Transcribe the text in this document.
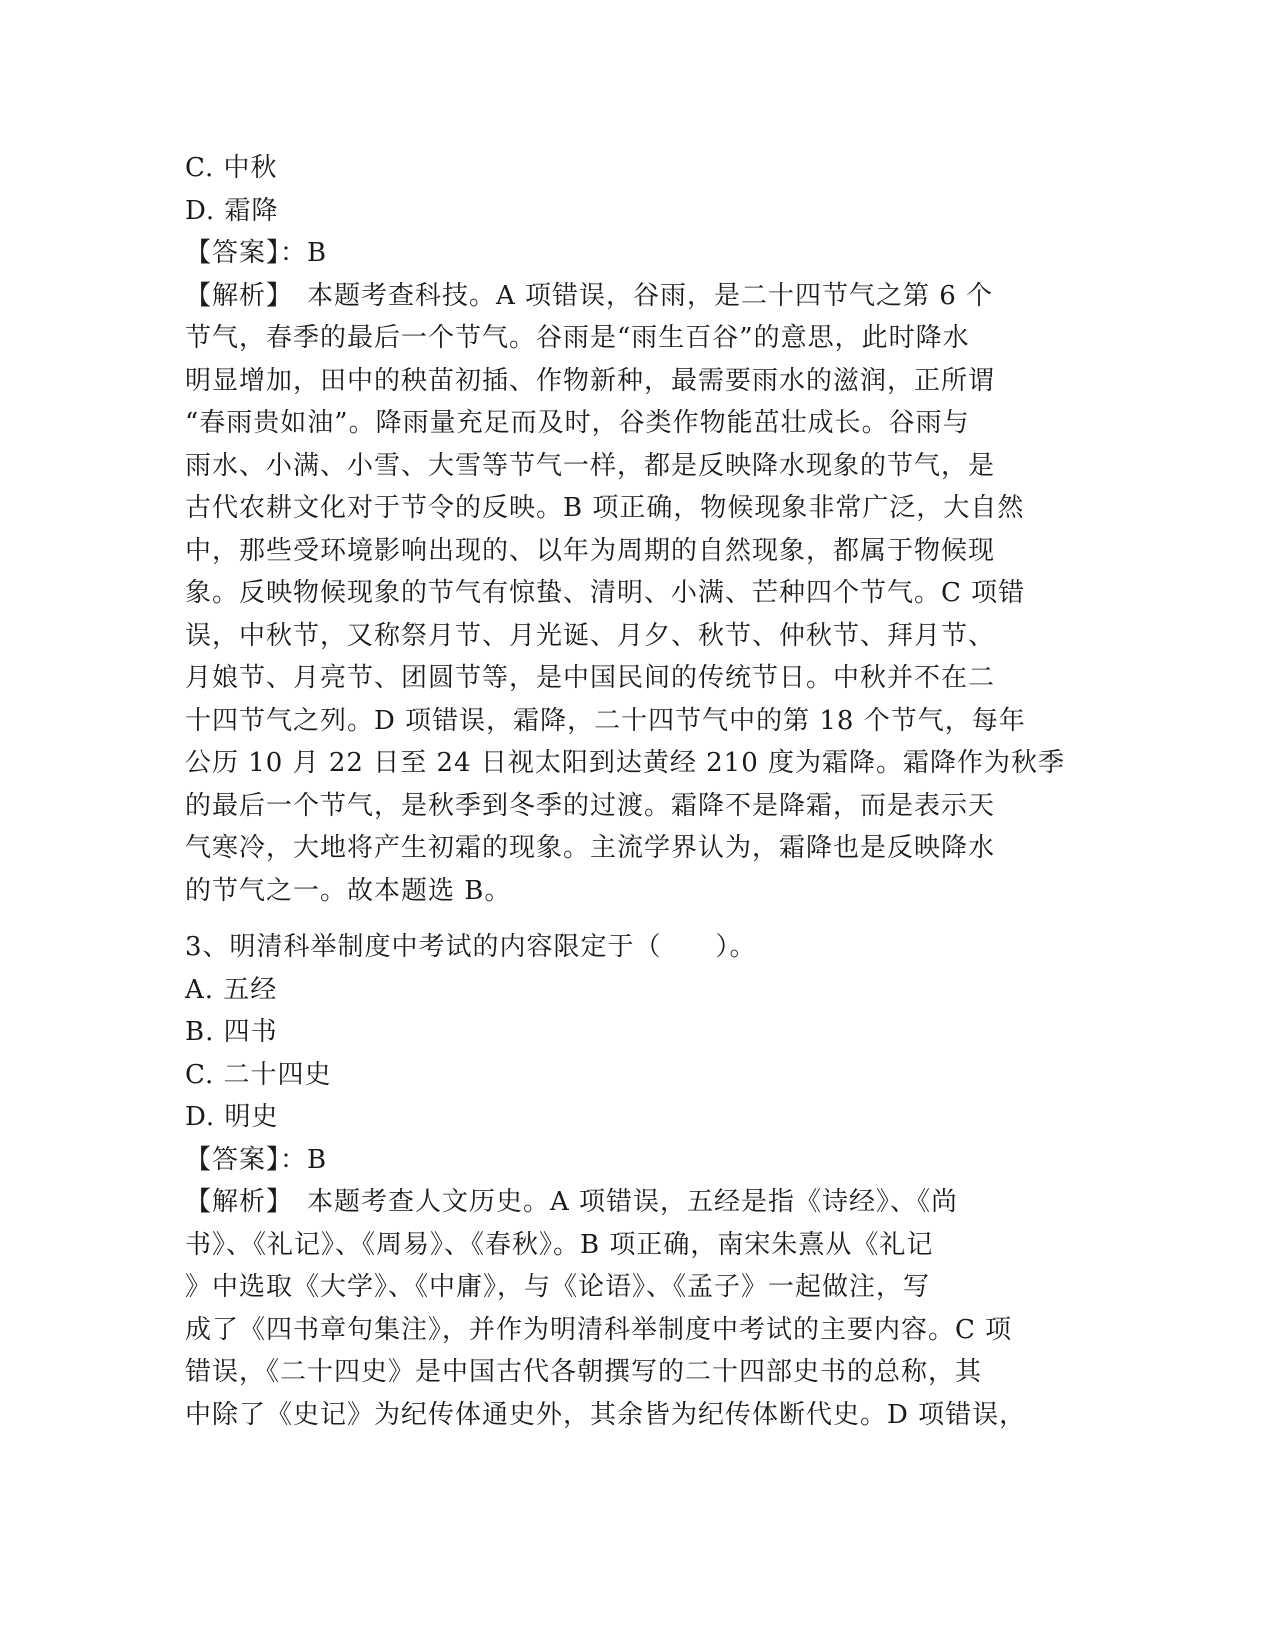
C. 中秋
D. 霜降
【答案】：B
【解析】　本题考查科技。A 项错误，谷雨，是二十四节气之第 6 个
节气，春季的最后一个节气。谷雨是“雨生百谷”的意思，此时降水
明显增加，田中的秧苗初插、作物新种，最需要雨水的滋润，正所谓
“春雨贵如油”。降雨量充足而及时，谷类作物能茁壮成长。谷雨与
雨水、小满、小雪、大雪等节气一样，都是反映降水现象的节气，是
古代农耕文化对于节令的反映。B 项正确，物候现象非常广泛，大自然
中，那些受环境影响出现的、以年为周期的自然现象，都属于物候现
象。反映物候现象的节气有惊蛰、清明、小满、芒种四个节气。C 项错
误，中秋节，又称祭月节、月光诞、月夕、秋节、仲秋节、拜月节、
月娘节、月亮节、团圆节等，是中国民间的传统节日。中秋并不在二
十四节气之列。D 项错误，霜降，二十四节气中的第 18 个节气，每年
公历 10 月 22 日至 24 日视太阳到达黄经 210 度为霜降。霜降作为秋季
的最后一个节气，是秋季到冬季的过渡。霜降不是降霜，而是表示天
气寒冷，大地将产生初霜的现象。主流学界认为，霜降也是反映降水
的节气之一。故本题选 B。
3、明清科举制度中考试的内容限定于（　　）。
A. 五经
B. 四书
C. 二十四史
D. 明史
【答案】：B
【解析】　本题考查人文历史。A 项错误，五经是指《诗经》、《尚
书》、《礼记》、《周易》、《春秋》。B 项正确，南宋朱熹从《礼记
》中选取《大学》、《中庸》，与《论语》、《孟子》一起做注，写
成了《四书章句集注》，并作为明清科举制度中考试的主要内容。C 项
错误，《二十四史》是中国古代各朝撰写的二十四部史书的总称，其
中除了《史记》为纪传体通史外，其余皆为纪传体断代史。D 项错误，
